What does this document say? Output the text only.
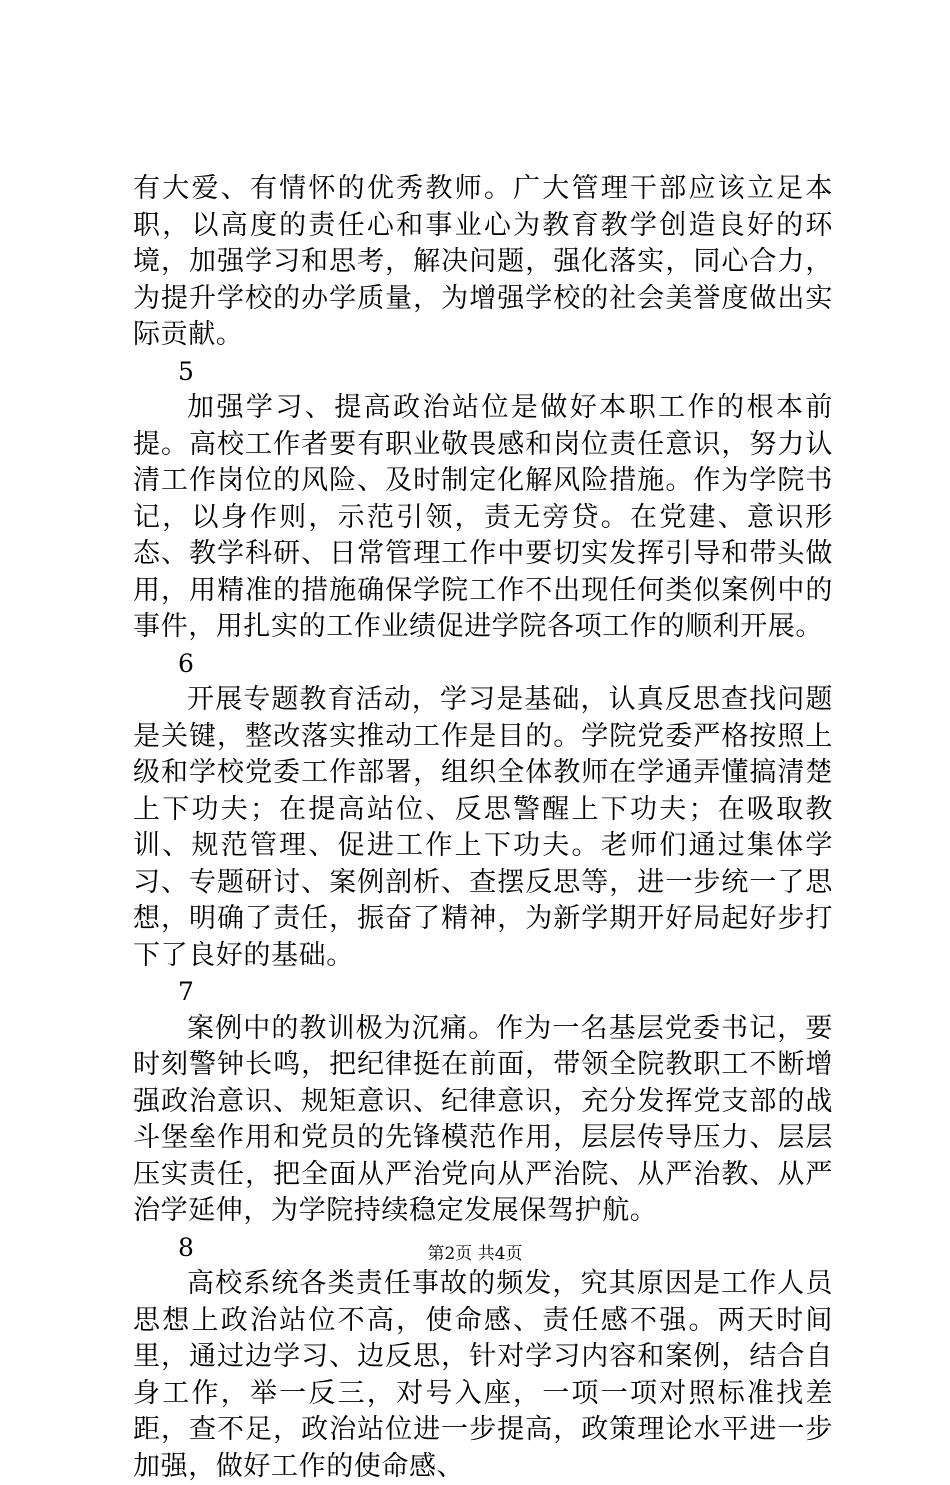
有大爱、有情怀的优秀教师。广大管理干部应该立足本职，以高度的责任心和事业心为教育教学创造良好的环境，加强学习和思考，解决问题，强化落实，同心合力，为提升学校的办学质量，为增强学校的社会美誉度做出实际贡献。

5

加强学习、提高政治站位是做好本职工作的根本前提。高校工作者要有职业敬畏感和岗位责任意识，努力认清工作岗位的风险、及时制定化解风险措施。作为学院书记，以身作则，示范引领，责无旁贷。在党建、意识形态、教学科研、日常管理工作中要切实发挥引导和带头做用，用精准的措施确保学院工作不出现任何类似案例中的事件，用扎实的工作业绩促进学院各项工作的顺利开展。

6

开展专题教育活动，学习是基础，认真反思查找问题是关键，整改落实推动工作是目的。学院党委严格按照上级和学校党委工作部署，组织全体教师在学通弄懂搞清楚上下功夫；在提高站位、反思警醒上下功夫；在吸取教训、规范管理、促进工作上下功夫。老师们通过集体学习、专题研讨、案例剖析、查摆反思等，进一步统一了思想，明确了责任，振奋了精神，为新学期开好局起好步打下了良好的基础。

7

案例中的教训极为沉痛。作为一名基层党委书记，要时刻警钟长鸣，把纪律挺在前面，带领全院教职工不断增强政治意识、规矩意识、纪律意识，充分发挥党支部的战斗堡垒作用和党员的先锋模范作用，层层传导压力、层层压实责任，把全面从严治党向从严治院、从严治教、从严治学延伸，为学院持续稳定发展保驾护航。

8

高校系统各类责任事故的频发，究其原因是工作人员思想上政治站位不高，使命感、责任感不强。两天时间里，通过边学习、边反思，针对学习内容和案例，结合自身工作，举一反三，对号入座，一项一项对照标准找差距，查不足，政治站位进一步提高，政策理论水平进一步加强，做好工作的使命感、

第2页 共4页
